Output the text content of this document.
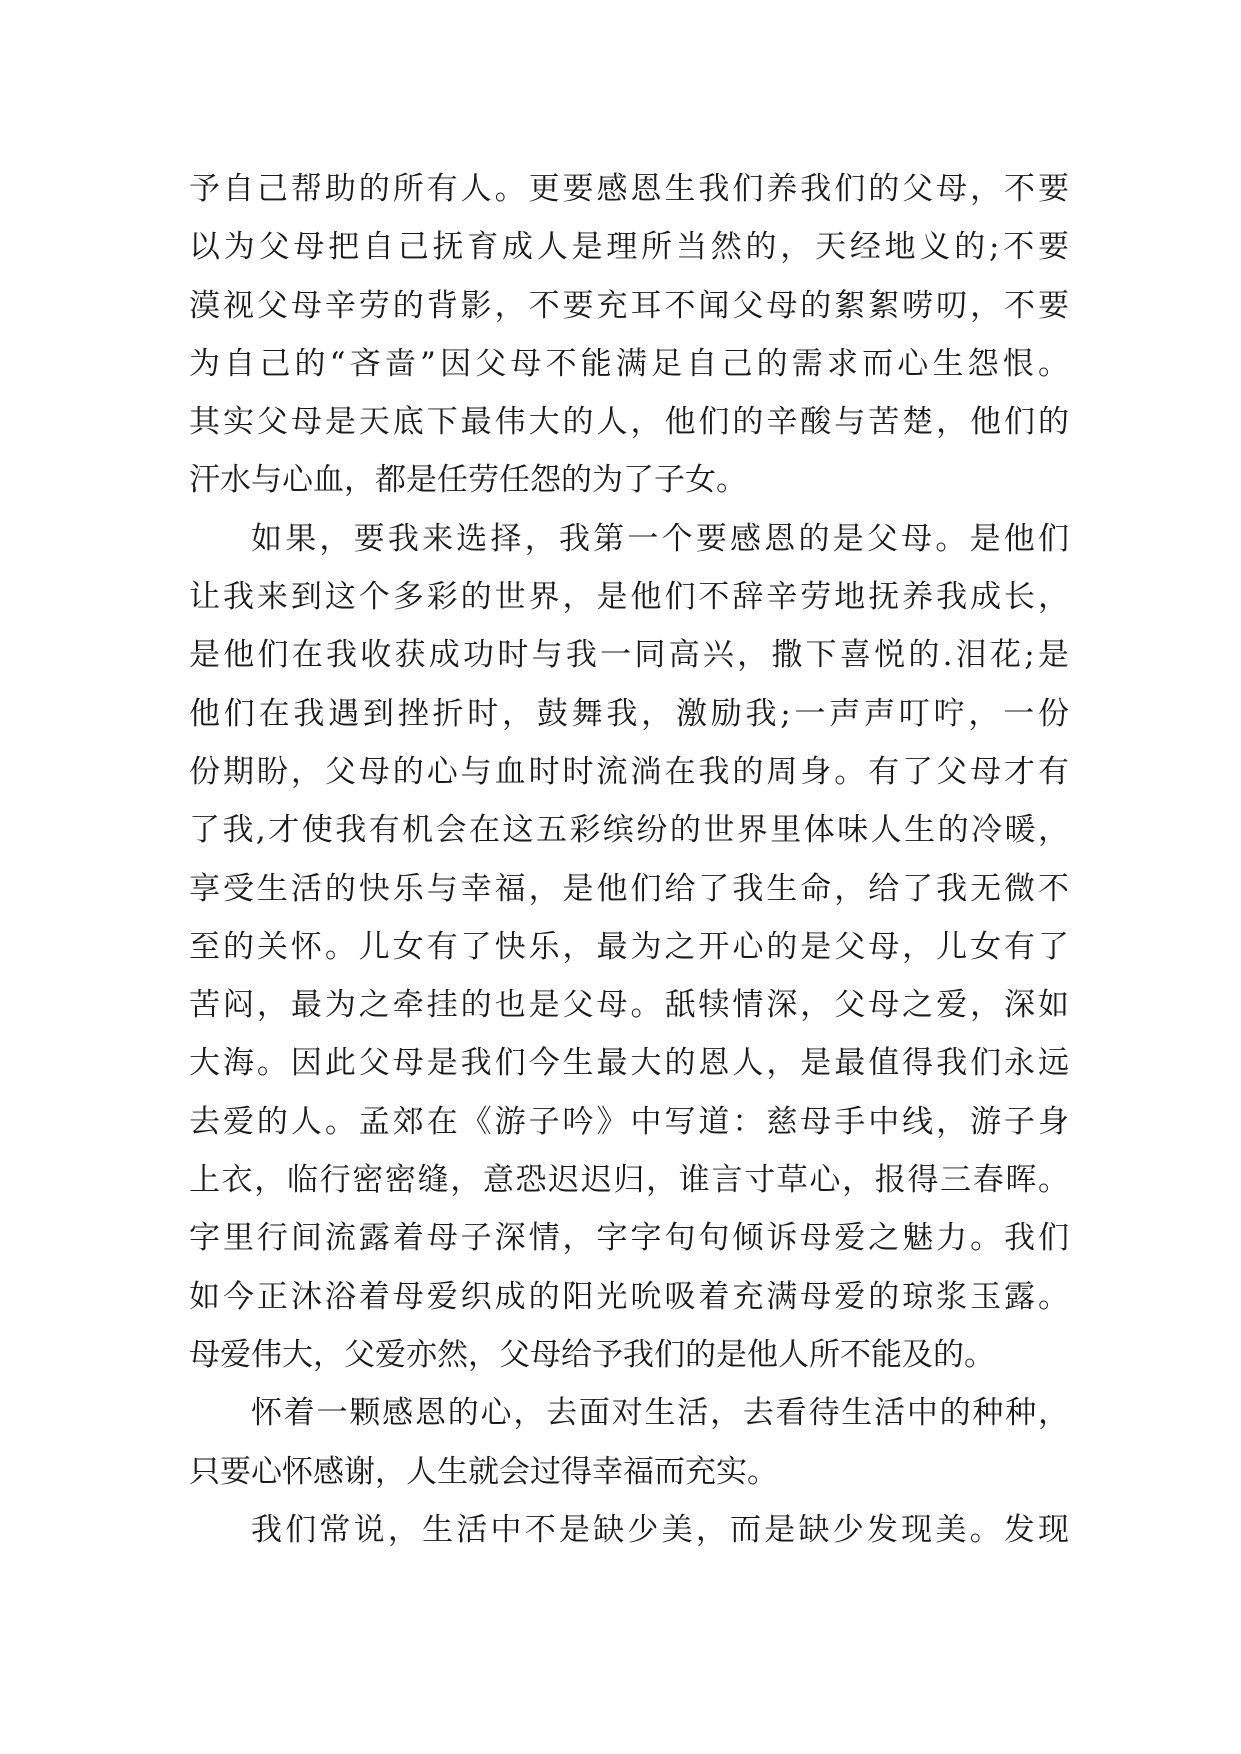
予自己帮助的所有人。更要感恩生我们养我们的父母，不要
以为父母把自己抚育成人是理所当然的，天经地义的;不要
漠视父母辛劳的背影，不要充耳不闻父母的絮絮唠叨，不要
为自己的“吝啬”因父母不能满足自己的需求而心生怨恨。
其实父母是天底下最伟大的人，他们的辛酸与苦楚，他们的
汗水与心血，都是任劳任怨的为了子女。
如果，要我来选择，我第一个要感恩的是父母。是他们
让我来到这个多彩的世界，是他们不辞辛劳地抚养我成长，
是他们在我收获成功时与我一同高兴，撒下喜悦的.泪花;是
他们在我遇到挫折时，鼓舞我，激励我;一声声叮咛，一份
份期盼，父母的心与血时时流淌在我的周身。有了父母才有
了我,才使我有机会在这五彩缤纷的世界里体味人生的冷暖，
享受生活的快乐与幸福，是他们给了我生命，给了我无微不
至的关怀。儿女有了快乐，最为之开心的是父母，儿女有了
苦闷，最为之牵挂的也是父母。舐犊情深，父母之爱，深如
大海。因此父母是我们今生最大的恩人，是最值得我们永远
去爱的人。孟郊在《游子吟》中写道：慈母手中线，游子身
上衣，临行密密缝，意恐迟迟归，谁言寸草心，报得三春晖。
字里行间流露着母子深情，字字句句倾诉母爱之魅力。我们
如今正沐浴着母爱织成的阳光吮吸着充满母爱的琼浆玉露。
母爱伟大，父爱亦然，父母给予我们的是他人所不能及的。
怀着一颗感恩的心，去面对生活，去看待生活中的种种，
只要心怀感谢，人生就会过得幸福而充实。
我们常说，生活中不是缺少美，而是缺少发现美。发现
